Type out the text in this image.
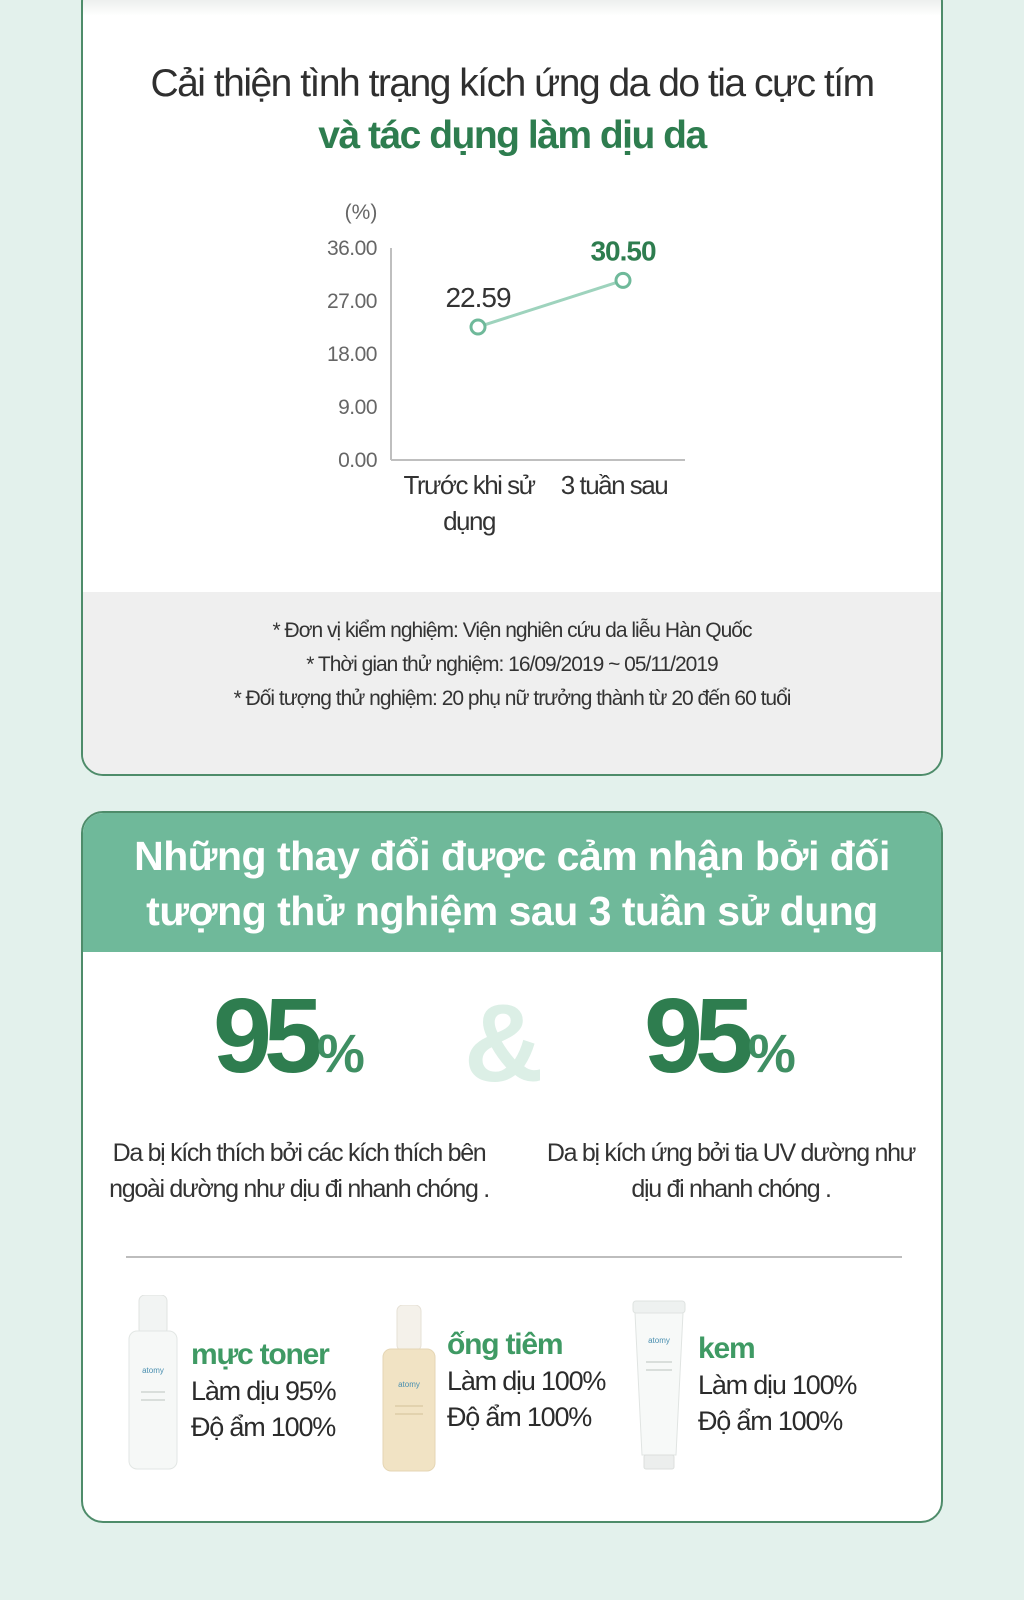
Cải thiện tình trạng kích ứng da do tia cực tím
và tác dụng làm dịu da
(%)
36.00
27.00
18.00
9.00
0.00
Trước khi sử
dụng
3 tuần sau
22.59
30.50
* Đơn vị kiểm nghiệm: Viện nghiên cứu da liễu Hàn Quốc
* Thời gian thử nghiệm: 16/09/2019 ~ 05/11/2019
* Đối tượng thử nghiệm: 20 phụ nữ trưởng thành từ 20 đến 60 tuổi
Những thay đổi được cảm nhận bởi đối
tượng thử nghiệm sau 3 tuần sử dụng
95% & 95%
Da bị kích thích bởi các kích thích bên
ngoài dường như dịu đi nhanh chóng .
Da bị kích ứng bởi tia UV dường như
dịu đi nhanh chóng .
atomy mực toner
Làm dịu 95%
Độ ẩm 100%
atomy
ống tiêm
Làm dịu 100%
Độ ẩm 100%
atomy kem
Làm dịu 100%
Độ ẩm 100%
